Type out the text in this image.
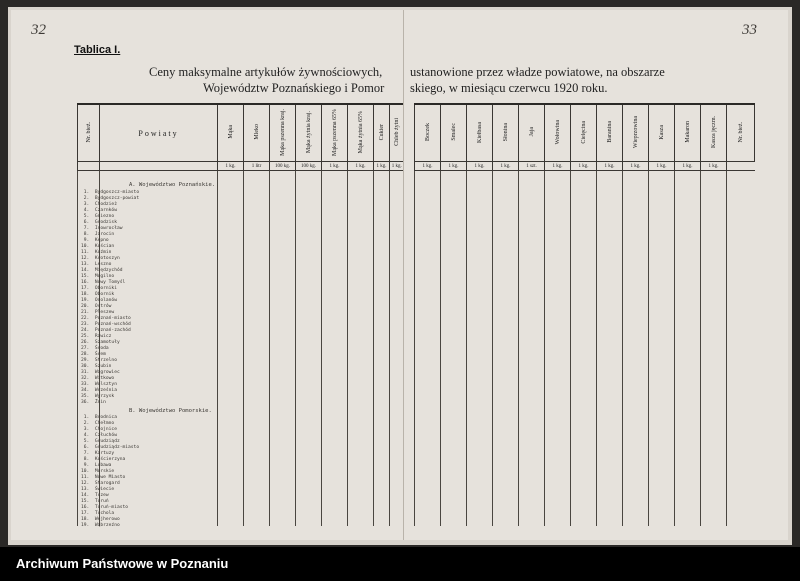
32
Tablica I.
Ceny maksymalne artykułów żywnościowych,
Województw Poznańskiego i Pomor
Nr. bież.	Powiaty	Mąka	Mleko	Mąka pszenna kraj.	Mąka żytnia kraj.	Mąka pszenna 65%	Mąka żytnia 65%	Cukier	Chleb żytni
		1 kg.	1 litr	100 kg.	100 kg.	1 kg.	1 kg.	1 kg.	1 kg.

A. Województwo Poznańskie.
1.  Bydgoszcz-miasto
2.  Bydgoszcz-powiat
3.  Chodzież
4.  Czarnków
5.  Gniezno
6.  Grodzisk
7.  Inowrocław
8.  Jarocin
9.  Kępno
10.  Kościan
11.  Koźmin
12.  Krotoszyn
13.  Leszno
14.  Międzychód
15.  Mogilno
16.  Nowy Tomyśl
17.  Oborniki
18.  Obornik
19.  Odolanów
20.  Ostrów
21.  Pleszew
22.  Poznań-miasto
23.  Poznań-wschód
24.  Poznań-zachód
25.  Rawicz
26.  Szamotuły
27.  Środa
28.  Śrem
29.  Strzelno
30.  Szubin
31.  Wągrowiec
32.  Witkowo
33.  Wolsztyn
34.  Września
35.  Wyrzysk
36.  Żnin
B. Województwo Pomorskie.
1.  Brodnica
2.  Chełmno
3.  Chojnice
4.  Człuchów
5.  Grudziądz
6.  Grudziądz-miasto
7.  Kartuzy
8.  Kościerzyna
9.  Lubawa
10.  Morskie
11.  Nowe Miasto
12.  Starogard
13.  Świecie
14.  Tczew
15.  Toruń
16.  Toruń-miasto
17.  Tuchola
18.  Wejherowo
19.  Wąbrzeźno
33
ustanowione przez władze powiatowe, na obszarze
skiego, w miesiącu czerwcu 1920 roku.
Boczek	Smalec	Kiełbasa	Słonina	Jaja	Wołowina	Cielęcina	Baranina	Wieprzowina	Kasza	Makaron	Kasza jęczm.	Nr. bież.
1 kg.	1 kg.	1 kg.	1 kg.	1 szt.	1 kg.	1 kg.	1 kg.	1 kg.	1 kg.	1 kg.	1 kg.	

Archiwum Państwowe w Poznaniu
